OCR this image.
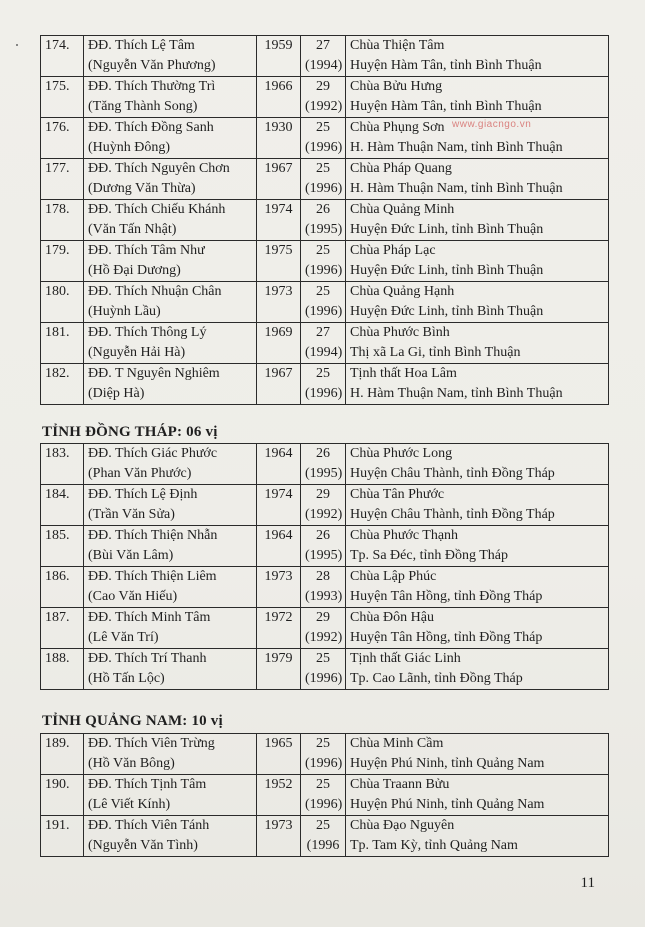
www.giacngo.vn
174.	ĐĐ. Thích Lệ Tâm
(Nguyễn Văn Phương)	1959	27
(1994)	Chùa Thiện Tâm
Huyện Hàm Tân, tỉnh Bình Thuận

175.	ĐĐ. Thích Thường Trì
(Tăng Thành Song)	1966	29
(1992)	Chùa Bửu Hưng
Huyện Hàm Tân, tỉnh Bình Thuận

176.	ĐĐ. Thích Đồng Sanh
(Huỳnh Đông)	1930	25
(1996)	Chùa Phụng Sơn
H. Hàm Thuận Nam, tỉnh Bình Thuận

177.	ĐĐ. Thích Nguyên Chơn
(Dương Văn Thừa)	1967	25
(1996)	Chùa Pháp Quang
H. Hàm Thuận Nam, tỉnh Bình Thuận

178.	ĐĐ. Thích Chiếu Khánh
(Văn Tấn Nhật)	1974	26
(1995)	Chùa Quảng Minh
Huyện Đức Linh, tỉnh Bình Thuận

179.	ĐĐ. Thích Tâm Như
(Hồ Đại Dương)	1975	25
(1996)	Chùa Pháp Lạc
Huyện Đức Linh, tỉnh Bình Thuận

180.	ĐĐ. Thích Nhuận Chân
(Huỳnh Lầu)	1973	25
(1996)	Chùa Quảng Hạnh
Huyện Đức Linh, tỉnh Bình Thuận

181.	ĐĐ. Thích Thông Lý
(Nguyễn Hải Hà)	1969	27
(1994)	Chùa Phước Bình
Thị xã La Gi, tỉnh Bình Thuận

182.	ĐĐ. T Nguyên Nghiêm
(Diệp Hà)	1967	25
(1996)	Tịnh thất Hoa Lâm
H. Hàm Thuận Nam, tỉnh Bình Thuận
TỈNH ĐỒNG THÁP: 06 vị
183.	ĐĐ. Thích Giác Phước
(Phan Văn Phước)	1964	26
(1995)	Chùa Phước Long
Huyện Châu Thành, tỉnh Đồng Tháp

184.	ĐĐ. Thích Lệ Định
(Trần Văn Sửa)	1974	29
(1992)	Chùa Tân Phước
Huyện Châu Thành, tỉnh Đồng Tháp

185.	ĐĐ. Thích Thiện Nhẫn
(Bùi Văn Lâm)	1964	26
(1995)	Chùa Phước Thạnh
Tp. Sa Đéc, tỉnh Đồng Tháp

186.	ĐĐ. Thích Thiện Liêm
(Cao Văn Hiếu)	1973	28
(1993)	Chùa Lập Phúc
Huyện Tân Hồng, tỉnh Đồng Tháp

187.	ĐĐ. Thích Minh Tâm
(Lê Văn Trí)	1972	29
(1992)	Chùa Đôn Hậu
Huyện Tân Hồng, tỉnh Đồng Tháp

188.	ĐĐ. Thích Trí Thanh
(Hồ Tấn Lộc)	1979	25
(1996)	Tịnh thất Giác Linh
Tp. Cao Lãnh, tỉnh Đồng Tháp
TỈNH QUẢNG NAM: 10 vị
189.	ĐĐ. Thích Viên Trừng
(Hồ Văn Bông)	1965	25
(1996)	Chùa Minh Cầm
Huyện Phú Ninh, tỉnh Quảng Nam

190.	ĐĐ. Thích Tịnh Tâm
(Lê Viết Kính)	1952	25
(1996)	Chùa Traann Bửu
Huyện Phú Ninh, tỉnh Quảng Nam

191.	ĐĐ. Thích Viên Tánh
(Nguyễn Văn Tình)	1973	25
(1996	Chùa Đạo Nguyên
Tp. Tam Kỳ, tỉnh Quảng Nam
11
